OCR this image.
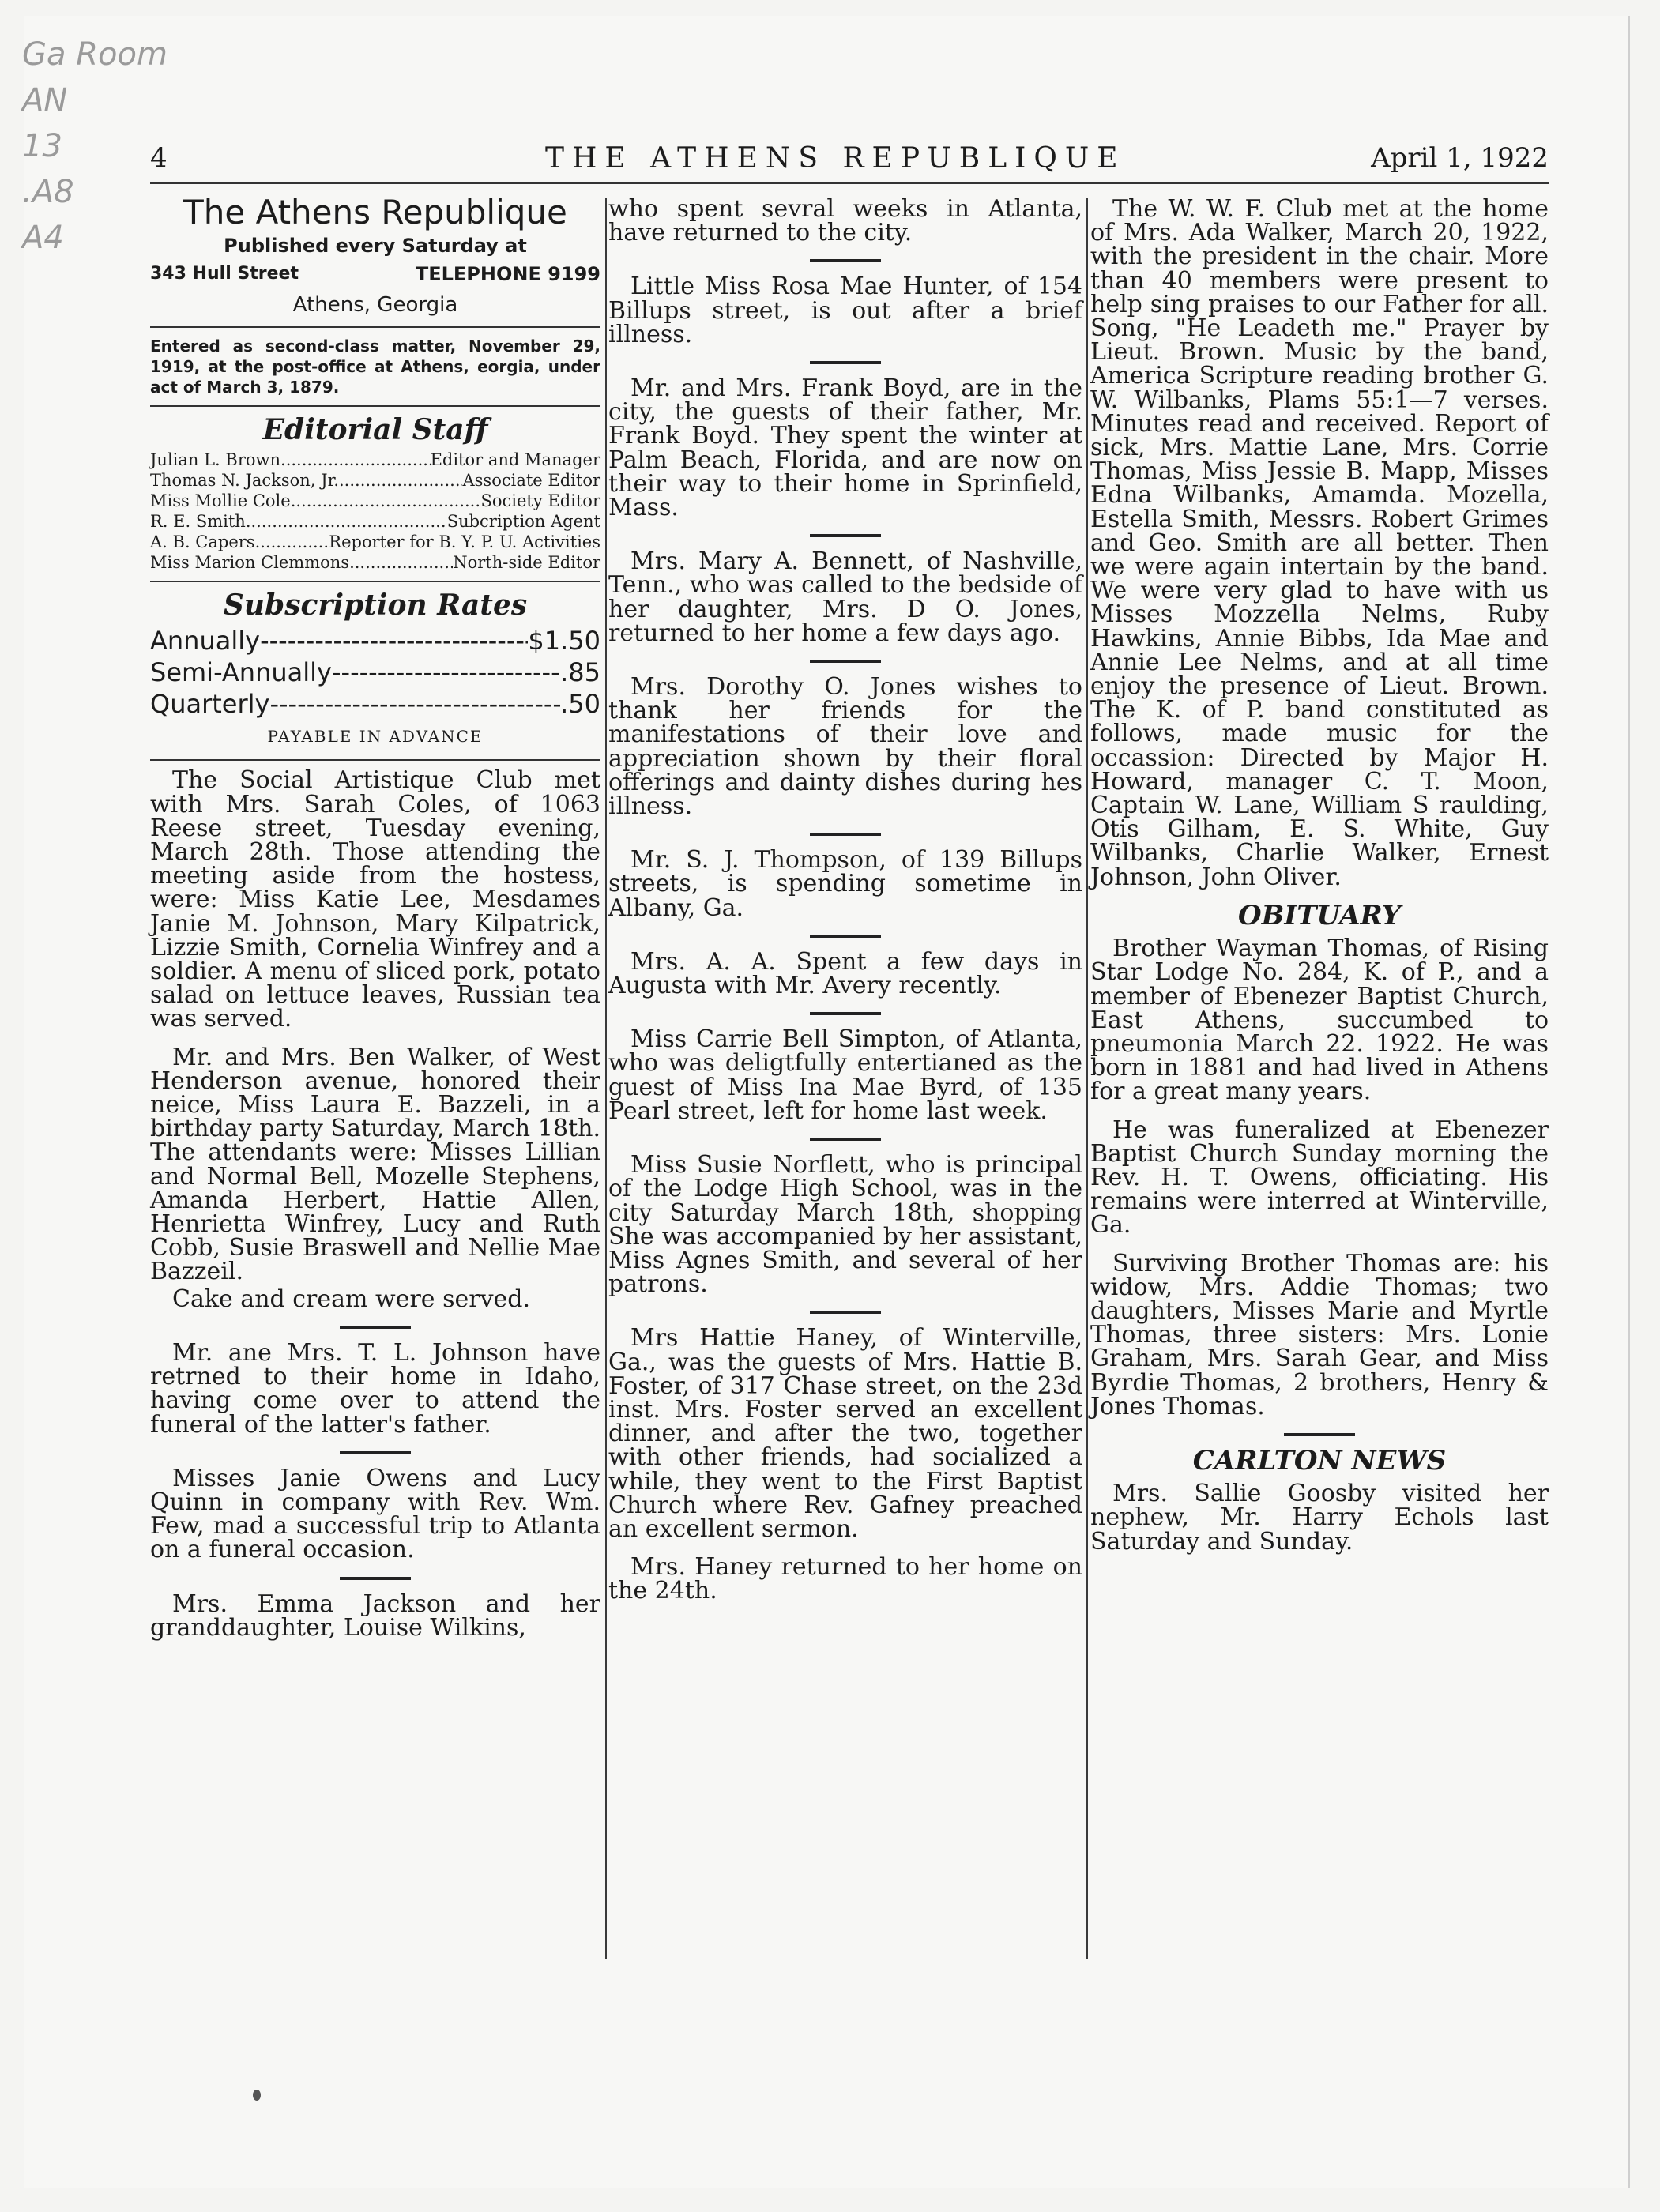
Ga Room
AN
13
.A8
A4
4	THE ATHENS REPUBLIQUE	April 1, 1922
The Athens Republique
Published every Saturday at
343 Hull Street	TELEPHONE 9199
Athens, Georgia
Entered as second-class matter, November 29, 1919, at the post-office at Athens, eorgia, under act of March 3, 1879.
Editorial Staff
Julian L. Brown .....	Editor and Manager
Thomas N. Jackson, Jr. .....	Associate Editor
Miss Mollie Cole .....	Society Editor
R. E. Smith .....	Subcription Agent
A. B. Capers .....	Reporter for B. Y. P. U. Activities
Miss Marion Clemmons .....	North-side Editor
Subscription Rates
Annually -----	$1.50
Semi-Annually -----	.85
Quarterly -----	.50
PAYABLE IN ADVANCE

The Social Artistique Club met with Mrs. Sarah Coles, of 1063 Reese street, Tuesday evening, March 28th. Those attending the meeting aside from the hostess, were: Miss Katie Lee, Mesdames Janie M. Johnson, Mary Kilpatrick, Lizzie Smith, Cornelia Winfrey and a soldier. A menu of sliced pork, potato salad on lettuce leaves, Russian tea was served.

Mr. and Mrs. Ben Walker, of West Henderson avenue, honored their neice, Miss Laura E. Bazzeli, in a birthday party Saturday, March 18th. The attendants were: Misses Lillian and Normal Bell, Mozelle Stephens, Amanda Herbert, Hattie Allen, Henrietta Winfrey, Lucy and Ruth Cobb, Susie Braswell and Nellie Mae Bazzeil.

Cake and cream were served.

Mr. ane Mrs. T. L. Johnson have retrned to their home in Idaho, having come over to attend the funeral of the latter's father.

Misses Janie Owens and Lucy Quinn in company with Rev. Wm. Few, mad a successful trip to Atlanta on a funeral occasion.

Mrs. Emma Jackson and her granddaughter, Louise Wilkins,

who spent sevral weeks in Atlanta, have returned to the city.

Little Miss Rosa Mae Hunter, of 154 Billups street, is out after a brief illness.

Mr. and Mrs. Frank Boyd, are in the city, the guests of their father, Mr. Frank Boyd. They spent the winter at Palm Beach, Florida, and are now on their way to their home in Sprinfield, Mass.

Mrs. Mary A. Bennett, of Nashville, Tenn., who was called to the bedside of her daughter, Mrs. D O. Jones, returned to her home a few days ago.

Mrs. Dorothy O. Jones wishes to thank her friends for the manifestations of their love and appreciation shown by their floral offerings and dainty dishes during hes illness.

Mr. S. J. Thompson, of 139 Billups streets, is spending sometime in Albany, Ga.

Mrs. A. A. Spent a few days in Augusta with Mr. Avery recently.

Miss Carrie Bell Simpton, of Atlanta, who was deligtfully entertianed as the guest of Miss Ina Mae Byrd, of 135 Pearl street, left for home last week.

Miss Susie Norflett, who is principal of the Lodge High School, was in the city Saturday March 18th, shopping She was accompanied by her assistant, Miss Agnes Smith, and several of her patrons.

Mrs Hattie Haney, of Winterville, Ga., was the guests of Mrs. Hattie B. Foster, of 317 Chase street, on the 23d inst. Mrs. Foster served an excellent dinner, and after the two, together with other friends, had socialized a while, they went to the First Baptist Church where Rev. Gafney preached an excellent sermon.

Mrs. Haney returned to her home on the 24th.

The W. W. F. Club met at the home of Mrs. Ada Walker, March 20, 1922, with the president in the chair. More than 40 members were present to help sing praises to our Father for all. Song, "He Leadeth me." Prayer by Lieut. Brown. Music by the band, America Scripture reading brother G. W. Wilbanks, Plams 55:1—7 verses. Minutes read and received. Report of sick, Mrs. Mattie Lane, Mrs. Corrie Thomas, Miss Jessie B. Mapp, Misses Edna Wilbanks, Amamda. Mozella, Estella Smith, Messrs. Robert Grimes and Geo. Smith are all better. Then we were again intertain by the band. We were very glad to have with us Misses Mozzella Nelms, Ruby Hawkins, Annie Bibbs, Ida Mae and Annie Lee Nelms, and at all time enjoy the presence of Lieut. Brown. The K. of P. band constituted as follows, made music for the occassion: Directed by Major H. Howard, manager C. T. Moon, Captain W. Lane, William S raulding, Otis Gilham, E. S. White, Guy Wilbanks, Charlie Walker, Ernest Johnson, John Oliver.

OBITUARY

Brother Wayman Thomas, of Rising Star Lodge No. 284, K. of P., and a member of Ebenezer Baptist Church, East Athens, succumbed to pneumonia March 22. 1922. He was born in 1881 and had lived in Athens for a great many years.

He was funeralized at Ebenezer Baptist Church Sunday morning the Rev. H. T. Owens, officiating. His remains were interred at Winterville, Ga.

Surviving Brother Thomas are: his widow, Mrs. Addie Thomas; two daughters, Misses Marie and Myrtle Thomas, three sisters: Mrs. Lonie Graham, Mrs. Sarah Gear, and Miss Byrdie Thomas, 2 brothers, Henry & Jones Thomas.

CARLTON NEWS

Mrs. Sallie Goosby visited her nephew, Mr. Harry Echols last Saturday and Sunday.
